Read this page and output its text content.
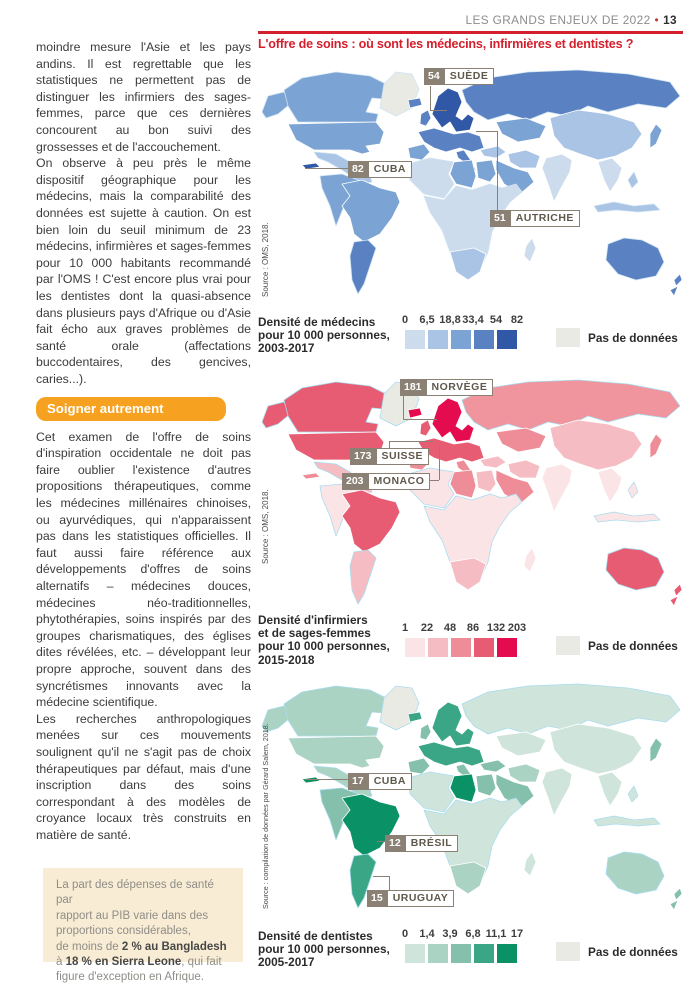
LES GRANDS ENJEUX DE 2022 • 13

moindre mesure l'Asie et les pays andins. Il est regrettable que les statistiques ne permettent pas de distinguer les infirmiers des sages-femmes, parce que ces dernières concourent au bon suivi des grossesses et de l'accouchement.

On observe à peu près le même dispositif géographique pour les médecins, mais la comparabilité des données est sujette à caution. On est bien loin du seuil minimum de 23 médecins, infirmières et sages-femmes pour 10 000 habitants recommandé par l'OMS ! C'est encore plus vrai pour les dentistes dont la quasi-absence dans plusieurs pays d'Afrique ou d'Asie fait écho aux graves problèmes de santé orale (affectations buccodentaires, des gencives, caries...).

Soigner autrement

Cet examen de l'offre de soins d'inspiration occidentale ne doit pas faire oublier l'existence d'autres propositions thérapeutiques, comme les médecines millénaires chinoises, ou ayurvédiques, qui n'apparaissent pas dans les statistiques officielles. Il faut aussi faire référence aux développements d'offres de soins alternatifs – médecines douces, médecines néo-traditionnelles, phytothérapies, soins inspirés par des groupes charismatiques, des églises dites révélées, etc. – développant leur propre approche, souvent dans des syncrétismes innovants avec la médecine scientifique.

Les recherches anthropologiques menées sur ces mouvements soulignent qu'il ne s'agit pas de choix thérapeutiques par défaut, mais d'une inscription dans des soins correspondant à des modèles de croyance locaux très construits en matière de santé.

La part des dépenses de santé par
rapport au PIB varie dans des
proportions considérables,
de moins de 2 % au Bangladesh
à 18 % en Sierra Leone, qui fait
figure d'exception en Afrique.
L'offre de soins : où sont les médecins, infirmières et dentistes ?
Source : OMS, 2018.
54 SUÈDE
82 CUBA
51 AUTRICHE
Densité de médecins
pour 10 000 personnes,
2003-2017
0 6,5 18,8 33,4 54 82
Pas de données
Source : OMS, 2018.
181 NORVÈGE
173 SUISSE
203 MONACO
Densité d'infirmiers
et de sages-femmes
pour 10 000 personnes,
2015-2018
1 22 48 86 132 203
Pas de données
Source : compilation de données par Gérard Salem, 2018.	17 CUBA
12 BRÉSIL
15 URUGUAY
Densité de dentistes
pour 10 000 personnes,
2005-2017
0 1,4 3,9 6,8 11,1 17
Pas de données
